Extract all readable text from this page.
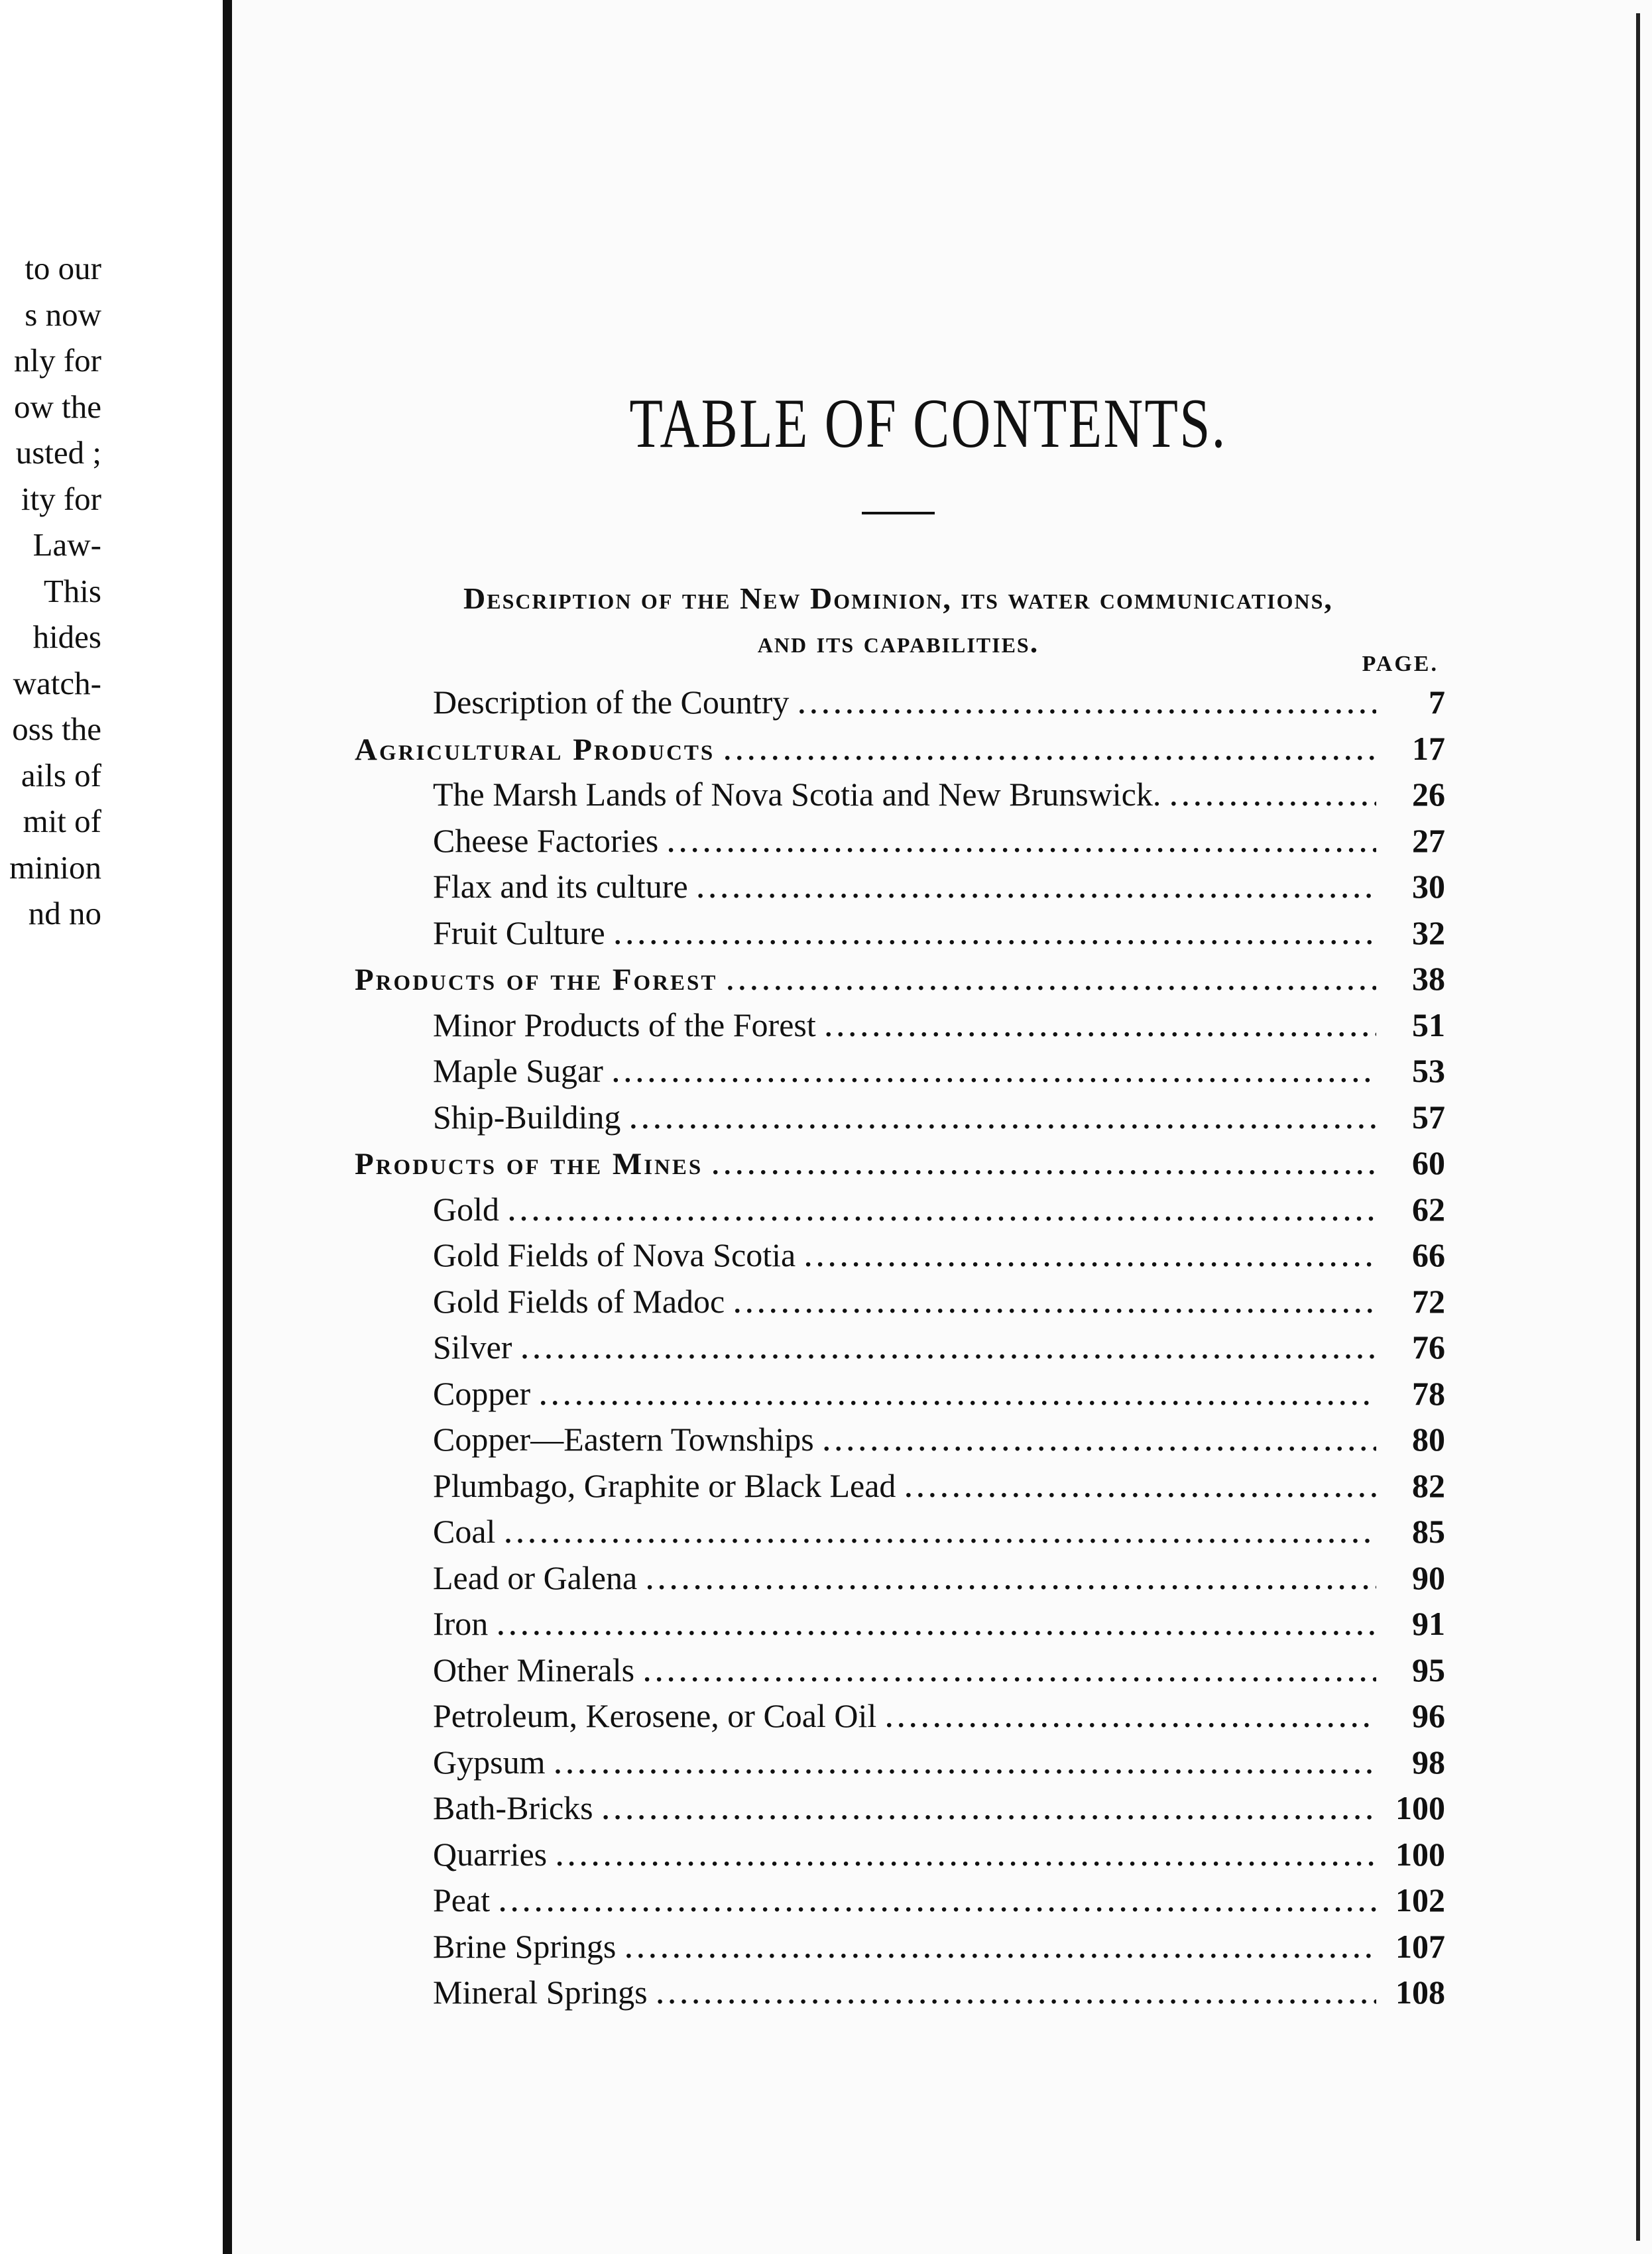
to our
s now
nly for
ow the
usted ;
ity for
Law-
This
hides
watch-
oss the
ails of
mit of
minion
nd no
TABLE OF CONTENTS.
Description of the New Dominion, its water communications,
and its capabilities.
PAGE.
Description of the Country .....	7
Agricultural Products .....	17
The Marsh Lands of Nova Scotia and New Brunswick. .....	26
Cheese Factories .....	27
Flax and its culture .....	30
Fruit Culture .....	32
Products of the Forest .....	38
Minor Products of the Forest .....	51
Maple Sugar .....	53
Ship-Building .....	57
Products of the Mines .....	60
Gold .....	62
Gold Fields of Nova Scotia .....	66
Gold Fields of Madoc .....	72
Silver .....	76
Copper .....	78
Copper—Eastern Townships .....	80
Plumbago, Graphite or Black Lead .....	82
Coal .....	85
Lead or Galena .....	90
Iron .....	91
Other Minerals .....	95
Petroleum, Kerosene, or Coal Oil .....	96
Gypsum .....	98
Bath-Bricks .....	100
Quarries .....	100
Peat .....	102
Brine Springs .....	107
Mineral Springs .....	108
